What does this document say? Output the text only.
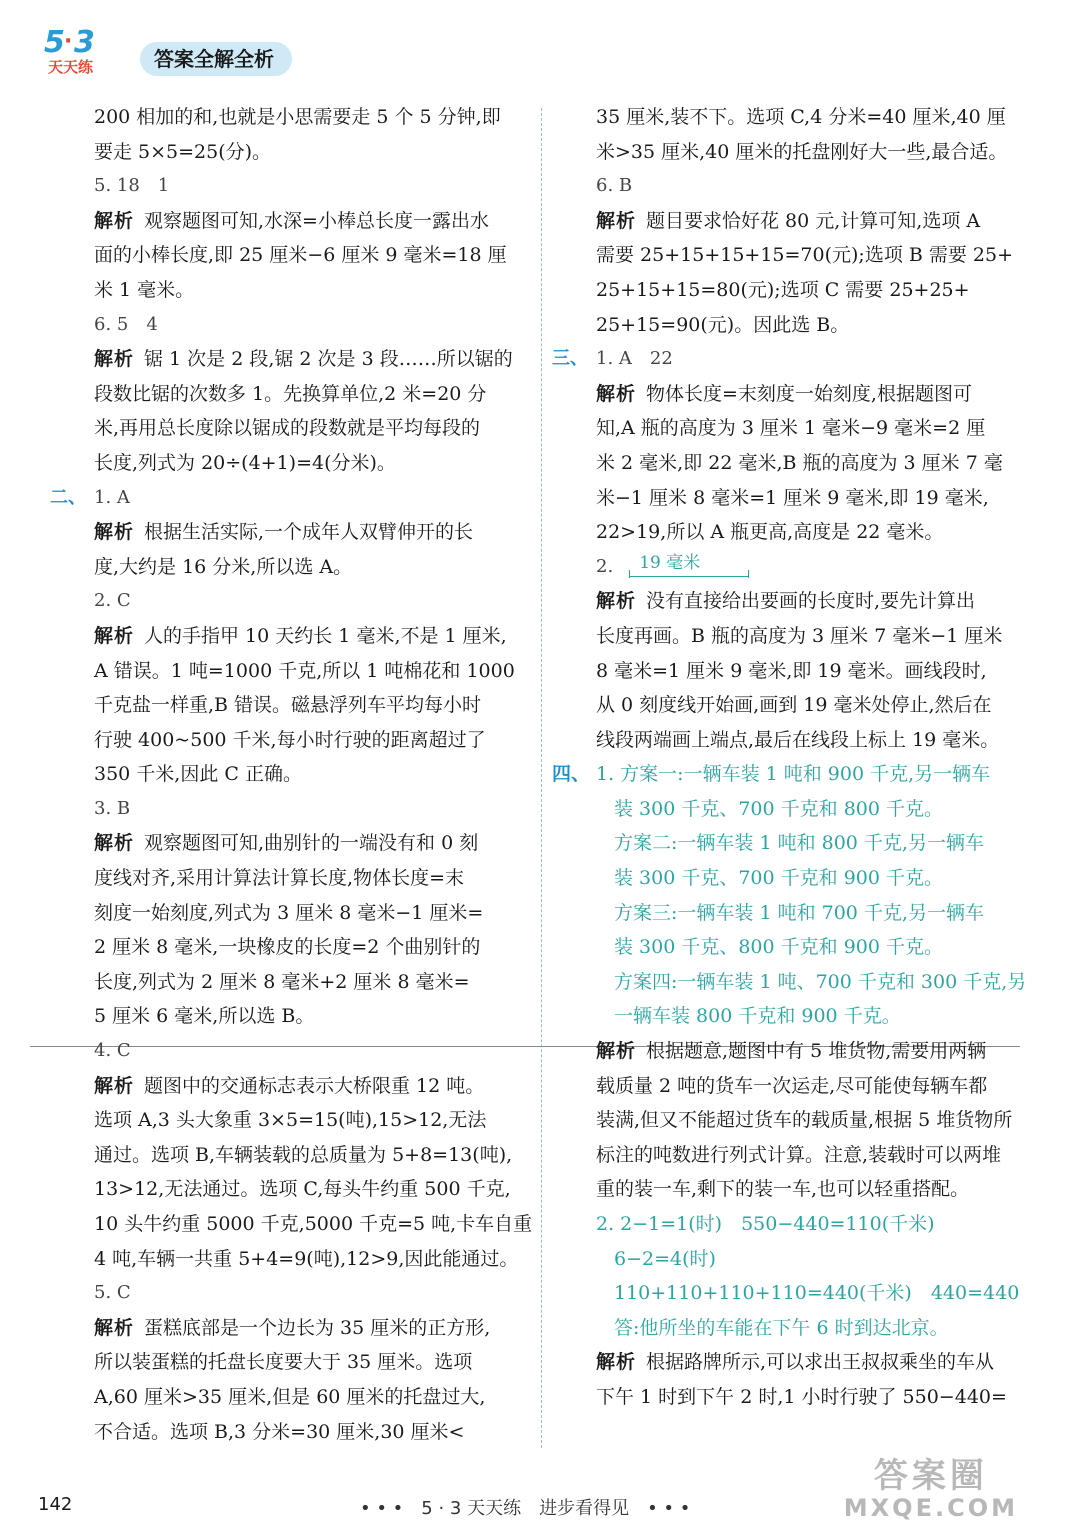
5 · 3
天天练	答案全解全析
200 相加的和,也就是小思需要走 5 个 5 分钟,即
要走 5×5=25(分)。
5. 18　1
解析 观察题图可知,水深=小棒总长度一露出水
面的小棒长度,即 25 厘米−6 厘米 9 毫米=18 厘
米 1 毫米。
6. 5　4
解析 锯 1 次是 2 段,锯 2 次是 3 段……所以锯的
段数比锯的次数多 1。先换算单位,2 米=20 分
米,再用总长度除以锯成的段数就是平均每段的
长度,列式为 20÷(4+1)=4(分米)。
二、 1. A
解析 根据生活实际,一个成年人双臂伸开的长
度,大约是 16 分米,所以选 A。
2. C
解析 人的手指甲 10 天约长 1 毫米,不是 1 厘米,
A 错误。1 吨=1000 千克,所以 1 吨棉花和 1000
千克盐一样重,B 错误。磁悬浮列车平均每小时
行驶 400~500 千米,每小时行驶的距离超过了
350 千米,因此 C 正确。
3. B
解析 观察题图可知,曲别针的一端没有和 0 刻
度线对齐,采用计算法计算长度,物体长度=末
刻度一始刻度,列式为 3 厘米 8 毫米−1 厘米=
2 厘米 8 毫米,一块橡皮的长度=2 个曲别针的
长度,列式为 2 厘米 8 毫米+2 厘米 8 毫米=
5 厘米 6 毫米,所以选 B。
4. C
解析 题图中的交通标志表示大桥限重 12 吨。
选项 A,3 头大象重 3×5=15(吨),15>12,无法
通过。选项 B,车辆装载的总质量为 5+8=13(吨),
13>12,无法通过。选项 C,每头牛约重 500 千克,
10 头牛约重 5000 千克,5000 千克=5 吨,卡车自重
4 吨,车辆一共重 5+4=9(吨),12>9,因此能通过。
5. C
解析 蛋糕底部是一个边长为 35 厘米的正方形,
所以装蛋糕的托盘长度要大于 35 厘米。选项
A,60 厘米>35 厘米,但是 60 厘米的托盘过大,
不合适。选项 B,3 分米=30 厘米,30 厘米<
35 厘米,装不下。选项 C,4 分米=40 厘米,40 厘
米>35 厘米,40 厘米的托盘刚好大一些,最合适。
6. B
解析 题目要求恰好花 80 元,计算可知,选项 A
需要 25+15+15+15=70(元);选项 B 需要 25+
25+15+15=80(元);选项 C 需要 25+25+
25+15=90(元)。因此选 B。
三、 1. A　22
解析 物体长度=末刻度一始刻度,根据题图可
知,A 瓶的高度为 3 厘米 1 毫米−9 毫米=2 厘
米 2 毫米,即 22 毫米,B 瓶的高度为 3 厘米 7 毫
米−1 厘米 8 毫米=1 厘米 9 毫米,即 19 毫米,
22>19,所以 A 瓶更高,高度是 22 毫米。
2. 19 毫米
解析 没有直接给出要画的长度时,要先计算出
长度再画。B 瓶的高度为 3 厘米 7 毫米−1 厘米
8 毫米=1 厘米 9 毫米,即 19 毫米。画线段时,
从 0 刻度线开始画,画到 19 毫米处停止,然后在
线段两端画上端点,最后在线段上标上 19 毫米。
四、 1. 方案一:一辆车装 1 吨和 900 千克,另一辆车
装 300 千克、700 千克和 800 千克。
方案二:一辆车装 1 吨和 800 千克,另一辆车
装 300 千克、700 千克和 900 千克。
方案三:一辆车装 1 吨和 700 千克,另一辆车
装 300 千克、800 千克和 900 千克。
方案四:一辆车装 1 吨、700 千克和 300 千克,另
一辆车装 800 千克和 900 千克。
解析 根据题意,题图中有 5 堆货物,需要用两辆
载质量 2 吨的货车一次运走,尽可能使每辆车都
装满,但又不能超过货车的载质量,根据 5 堆货物所
标注的吨数进行列式计算。注意,装载时可以两堆
重的装一车,剩下的装一车,也可以轻重搭配。
2. 2−1=1(时)　550−440=110(千米)
6−2=4(时)
110+110+110+110=440(千米)　440=440
答:他所坐的车能在下午 6 时到达北京。
解析 根据路牌所示,可以求出王叔叔乘坐的车从
下午 1 时到下午 2 时,1 小时行驶了 550−440=
142	• • •　5 · 3 天天练　进步看得见　• • •
答案圈
MXQE.COM
